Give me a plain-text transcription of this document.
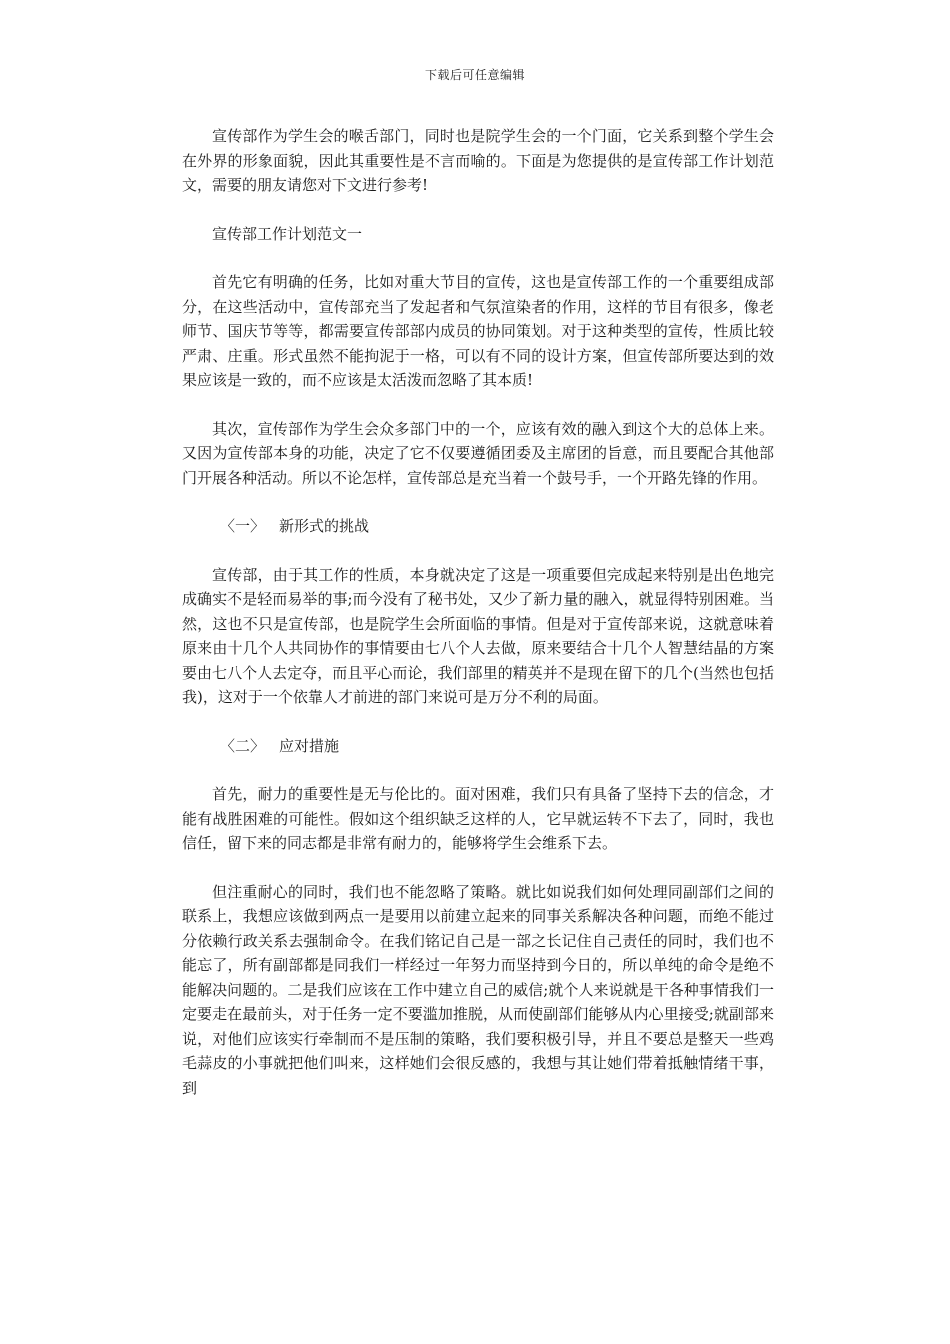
下载后可任意编辑

宣传部作为学生会的喉舌部门，同时也是院学生会的一个门面，它关系到整个学生会在外界的形象面貌，因此其重要性是不言而喻的。下面是为您提供的是宣传部工作计划范文，需要的朋友请您对下文进行参考!

宣传部工作计划范文一

首先它有明确的任务，比如对重大节目的宣传，这也是宣传部工作的一个重要组成部分，在这些活动中，宣传部充当了发起者和气氛渲染者的作用，这样的节目有很多，像老师节、国庆节等等，都需要宣传部部内成员的协同策划。对于这种类型的宣传，性质比较严肃、庄重。形式虽然不能拘泥于一格，可以有不同的设计方案，但宣传部所要达到的效果应该是一致的，而不应该是太活泼而忽略了其本质!

其次，宣传部作为学生会众多部门中的一个，应该有效的融入到这个大的总体上来。又因为宣传部本身的功能，决定了它不仅要遵循团委及主席团的旨意，而且要配合其他部门开展各种活动。所以不论怎样，宣传部总是充当着一个鼓号手，一个开路先锋的作用。

〈一〉 新形式的挑战

宣传部，由于其工作的性质，本身就决定了这是一项重要但完成起来特别是出色地完成确实不是轻而易举的事;而今没有了秘书处，又少了新力量的融入，就显得特别困难。当然，这也不只是宣传部，也是院学生会所面临的事情。但是对于宣传部来说，这就意味着原来由十几个人共同协作的事情要由七八个人去做，原来要结合十几个人智慧结晶的方案要由七八个人去定夺，而且平心而论，我们部里的精英并不是现在留下的几个(当然也包括我)，这对于一个依靠人才前进的部门来说可是万分不利的局面。

〈二〉 应对措施

首先，耐力的重要性是无与伦比的。面对困难，我们只有具备了坚持下去的信念，才能有战胜困难的可能性。假如这个组织缺乏这样的人，它早就运转不下去了，同时，我也信任，留下来的同志都是非常有耐力的，能够将学生会维系下去。

但注重耐心的同时，我们也不能忽略了策略。就比如说我们如何处理同副部们之间的联系上，我想应该做到两点一是要用以前建立起来的同事关系解决各种问题，而绝不能过分依赖行政关系去强制命令。在我们铭记自己是一部之长记住自己责任的同时，我们也不能忘了，所有副部都是同我们一样经过一年努力而坚持到今日的，所以单纯的命令是绝不能解决问题的。二是我们应该在工作中建立自己的威信;就个人来说就是干各种事情我们一定要走在最前头，对于任务一定不要滥加推脱，从而使副部们能够从内心里接受;就副部来说，对他们应该实行牵制而不是压制的策略，我们要积极引导，并且不要总是整天一些鸡毛蒜皮的小事就把他们叫来，这样她们会很反感的，我想与其让她们带着抵触情绪干事，到
